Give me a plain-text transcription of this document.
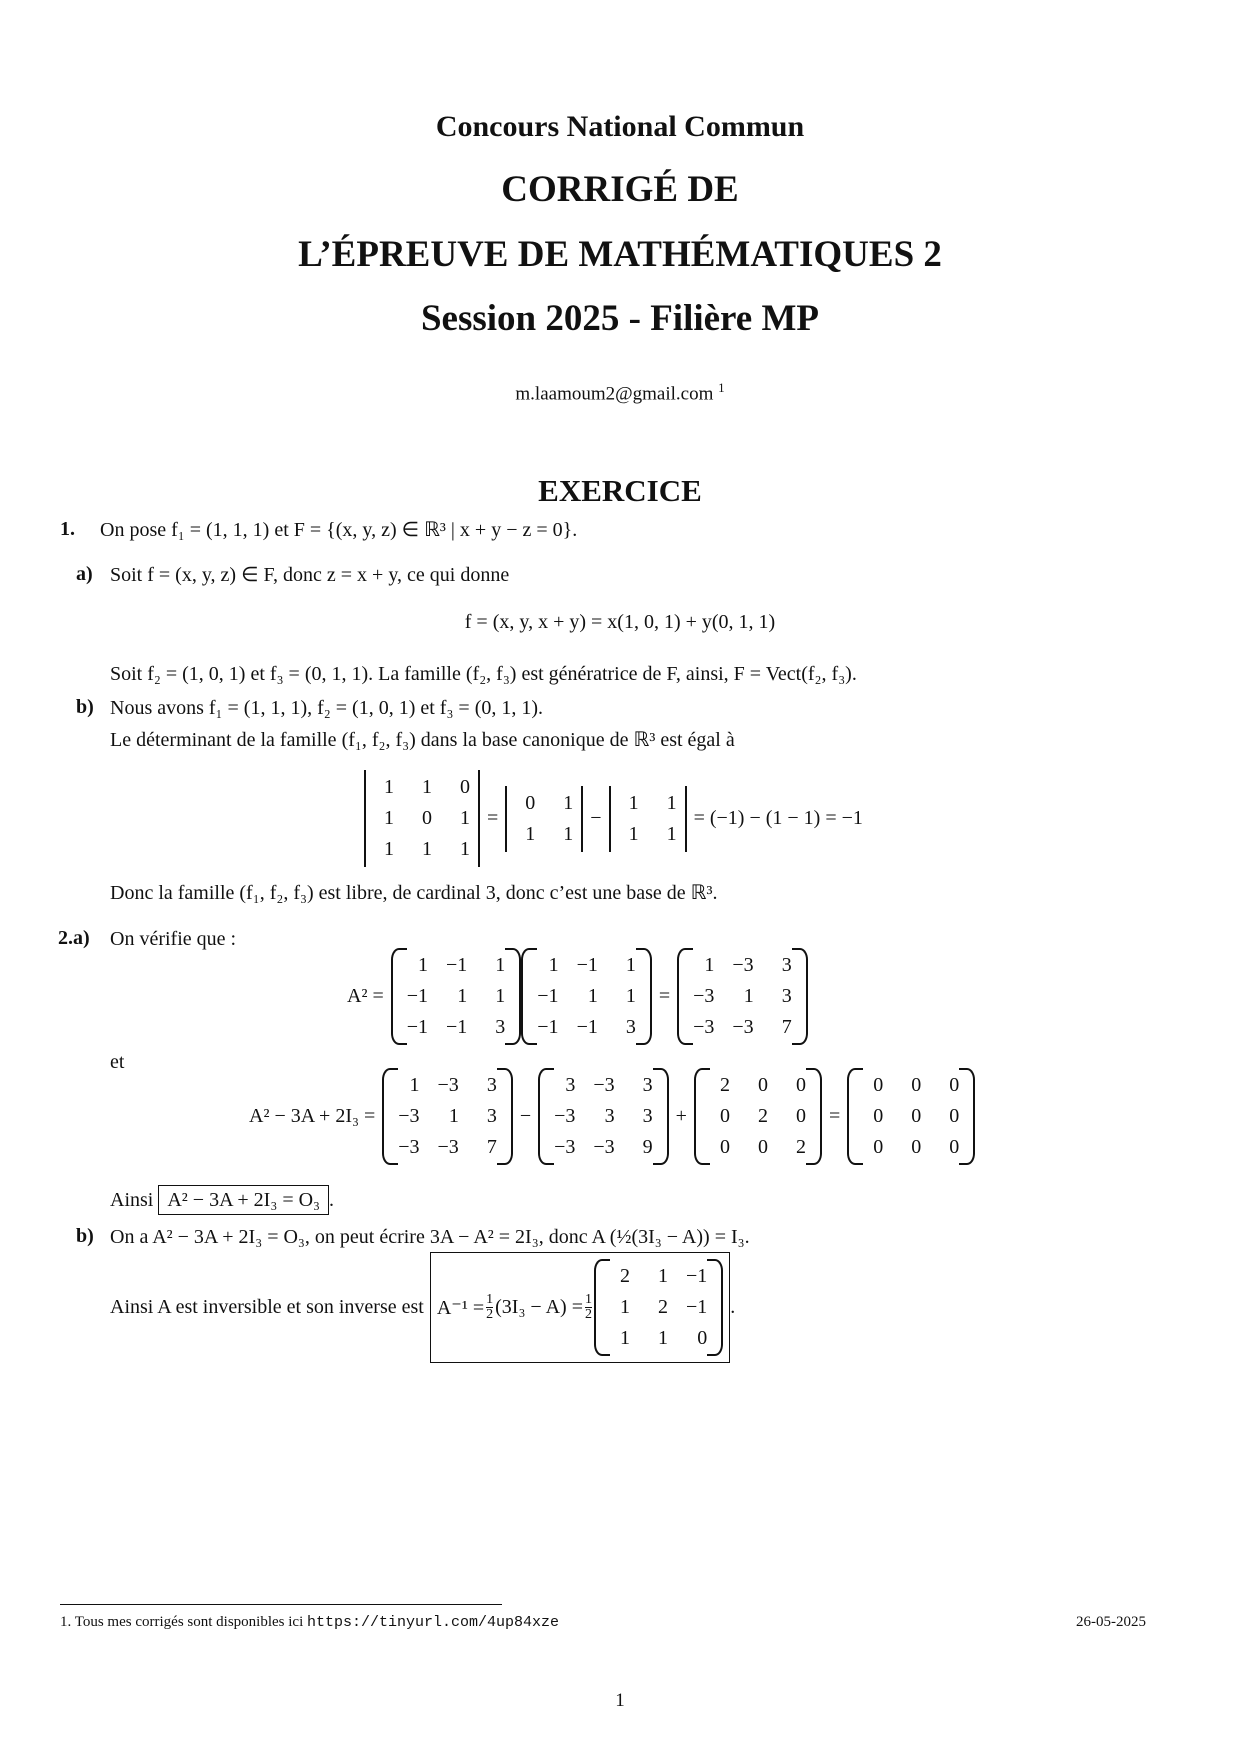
Concours National Commun
CORRIGÉ DE
L’ÉPREUVE DE MATHÉMATIQUES 2
Session 2025 - Filière MP
m.laamoum2@gmail.com $^1$
EXERCICE
1. On pose f₁ = (1, 1, 1) et F = {(x, y, z) ∈ ℝ³ | x + y − z = 0}.
a) Soit f = (x, y, z) ∈ F, donc z = x + y, ce qui donne
f = (x, y, x + y) = x(1, 0, 1) + y(0, 1, 1)
Soit f₂ = (1, 0, 1) et f₃ = (0, 1, 1). La famille (f₂, f₃) est génératrice de F, ainsi, F = Vect(f₂, f₃).
b) Nous avons f₁ = (1, 1, 1), f₂ = (1, 0, 1) et f₃ = (0, 1, 1).
Le déterminant de la famille (f₁, f₂, f₃) dans la base canonique de ℝ³ est égal à
1	1	0
1	0	1
1	1	1
=
0	1
1	1
−
1	1
1	1
= (−1) − (1 − 1) = −1
Donc la famille (f₁, f₂, f₃) est libre, de cardinal 3, donc c’est une base de ℝ³.
2.a) On vérifie que :
A² =
1 −1	1
−1	1	1
−1 −1	3
1 −1	1
−1	1	1
−1 −1	3
=
1 −3	3
−3	1	3
−3 −3	7
et
A² − 3A + 2I₃ =
1 −3	3
−3	1	3
−3 −3	7
−
3 −3	3
−3	3	3
−3 −3	9
+
2	0	0
0	2	0
0	0	2
=
0	0	0
0	0	0
0	0	0
Ainsi A² − 3A + 2I₃ = O₃ .
b) On a A² − 3A + 2I₃ = O₃, on peut écrire 3A − A² = 2I₃, donc A (½(3I₃ − A)) = I₃.
Ainsi A est inversible et son inverse est $A^{-1} = \frac{1}{2} (3I_3 - A) = \frac{1}{2}$
2	1 −1
1	2 −1
1	1	0
.
1. Tous mes corrigés sont disponibles ici https://tinyurl.com/4up84xze	26-05-2025
1
